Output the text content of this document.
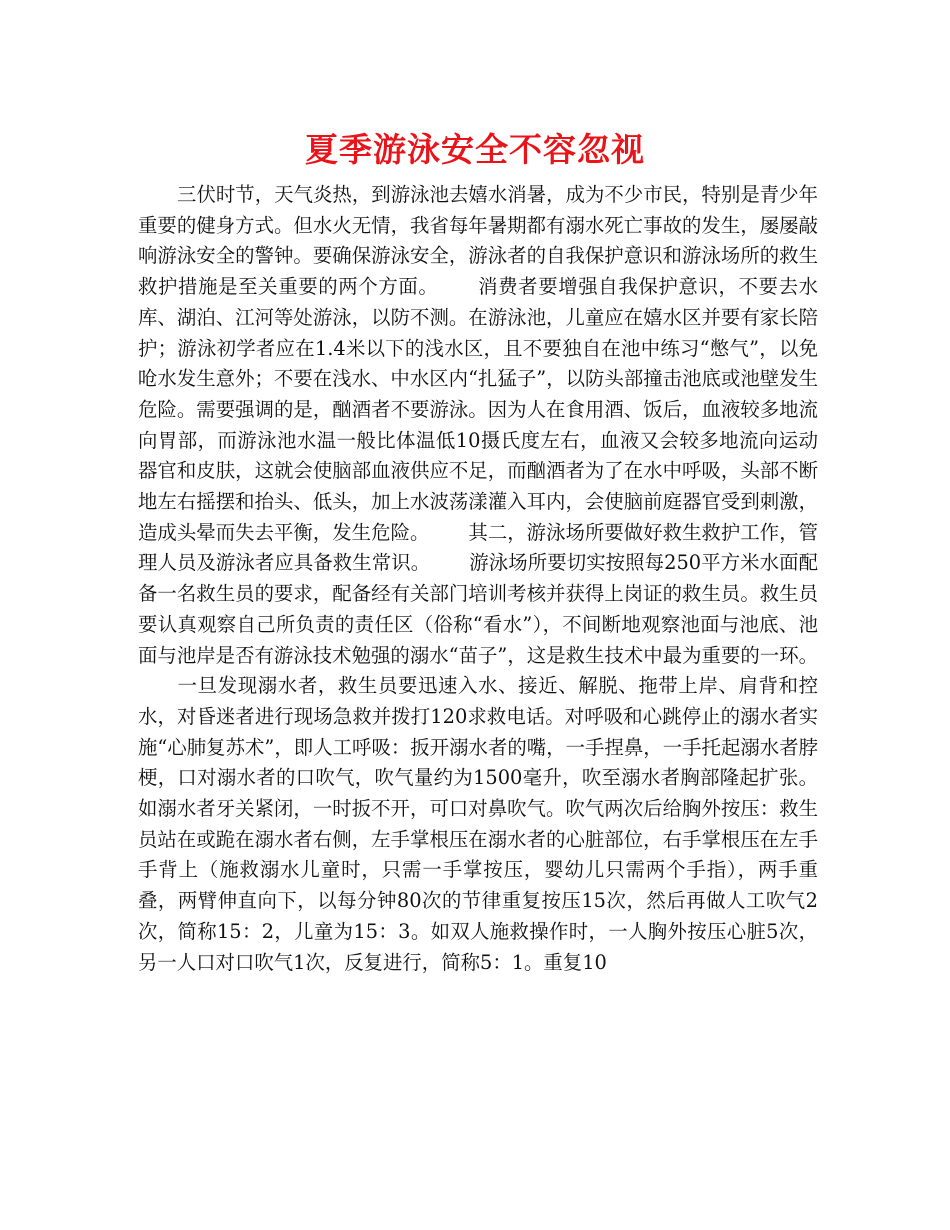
夏季游泳安全不容忽视
三伏时节，天气炎热，到游泳池去嬉水消暑，成为不少市民，特别是青少年重要的健身方式。但水火无情，我省每年暑期都有溺水死亡事故的发生，屡屡敲响游泳安全的警钟。要确保游泳安全，游泳者的自我保护意识和游泳场所的救生救护措施是至关重要的两个方面。 消费者要增强自我保护意识，不要去水库、湖泊、江河等处游泳，以防不测。在游泳池，儿童应在嬉水区并要有家长陪护；游泳初学者应在1.4米以下的浅水区，且不要独自在池中练习“憋气”，以免呛水发生意外；不要在浅水、中水区内“扎猛子”，以防头部撞击池底或池壁发生危险。需要强调的是，酗酒者不要游泳。因为人在食用酒、饭后，血液较多地流向胃部，而游泳池水温一般比体温低10摄氏度左右，血液又会较多地流向运动器官和皮肤，这就会使脑部血液供应不足，而酗酒者为了在水中呼吸，头部不断地左右摇摆和抬头、低头，加上水波荡漾灌入耳内，会使脑前庭器官受到刺激，造成头晕而失去平衡，发生危险。 其二，游泳场所要做好救生救护工作，管理人员及游泳者应具备救生常识。 游泳场所要切实按照每250平方米水面配备一名救生员的要求，配备经有关部门培训考核并获得上岗证的救生员。救生员要认真观察自己所负责的责任区（俗称“看水”），不间断地观察池面与池底、池面与池岸是否有游泳技术勉强的溺水“苗子”，这是救生技术中最为重要的一环。一旦发现溺水者，救生员要迅速入水、接近、解脱、拖带上岸、肩背和控水，对昏迷者进行现场急救并拨打120求救电话。对呼吸和心跳停止的溺水者实施“心肺复苏术”，即人工呼吸：扳开溺水者的嘴，一手捏鼻，一手托起溺水者脖梗，口对溺水者的口吹气，吹气量约为1500毫升，吹至溺水者胸部隆起扩张。如溺水者牙关紧闭，一时扳不开，可口对鼻吹气。吹气两次后给胸外按压：救生员站在或跪在溺水者右侧，左手掌根压在溺水者的心脏部位，右手掌根压在左手手背上（施救溺水儿童时，只需一手掌按压，婴幼儿只需两个手指），两手重叠，两臂伸直向下，以每分钟80次的节律重复按压15次，然后再做人工吹气2次，简称15：2，儿童为15：3。如双人施救操作时，一人胸外按压心脏5次，另一人口对口吹气1次，反复进行，简称5：1。重复10
